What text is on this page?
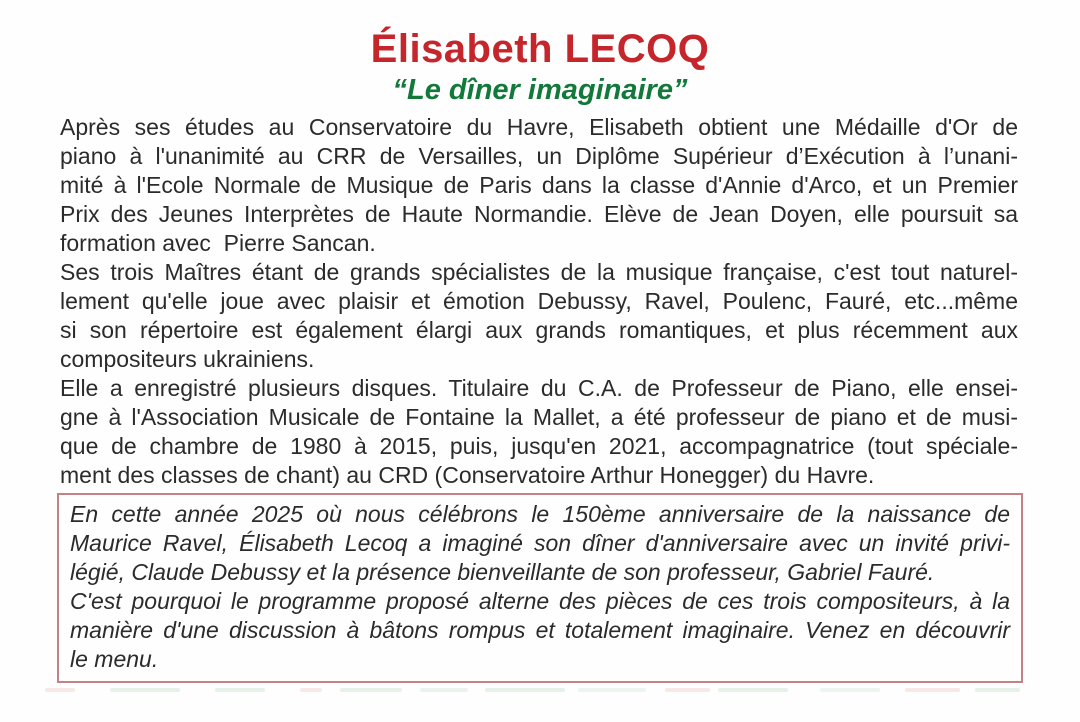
Élisabeth LECOQ
“Le dîner imaginaire”
Après ses études au Conservatoire du Havre, Elisabeth obtient une Médaille d'Or de
piano à l'unanimité au CRR de Versailles, un Diplôme Supérieur d’Exécution à l’unani-
mité à l'Ecole Normale de Musique de Paris dans la classe d'Annie d'Arco, et un Premier
Prix des Jeunes Interprètes de Haute Normandie. Elève de Jean Doyen, elle poursuit sa
formation avec  Pierre Sancan.
Ses trois Maîtres étant de grands spécialistes de la musique française, c'est tout naturel-
lement qu'elle joue avec plaisir et émotion Debussy, Ravel, Poulenc, Fauré, etc...même
si son répertoire est également élargi aux grands romantiques, et plus récemment aux
compositeurs ukrainiens.
Elle a enregistré plusieurs disques. Titulaire du C.A. de Professeur de Piano, elle ensei-
gne à l'Association Musicale de Fontaine la Mallet, a été professeur de piano et de musi-
que de chambre de 1980 à 2015, puis, jusqu'en 2021, accompagnatrice (tout spéciale-
ment des classes de chant) au CRD (Conservatoire Arthur Honegger) du Havre.
En cette année 2025 où nous célébrons le 150ème anniversaire de la naissance de
Maurice Ravel, Élisabeth Lecoq a imaginé son dîner d'anniversaire avec un invité privi-
légié, Claude Debussy et la présence bienveillante de son professeur, Gabriel Fauré.
C'est pourquoi le programme proposé alterne des pièces de ces trois compositeurs, à la
manière d'une discussion à bâtons rompus et totalement imaginaire. Venez en découvrir
le menu.
